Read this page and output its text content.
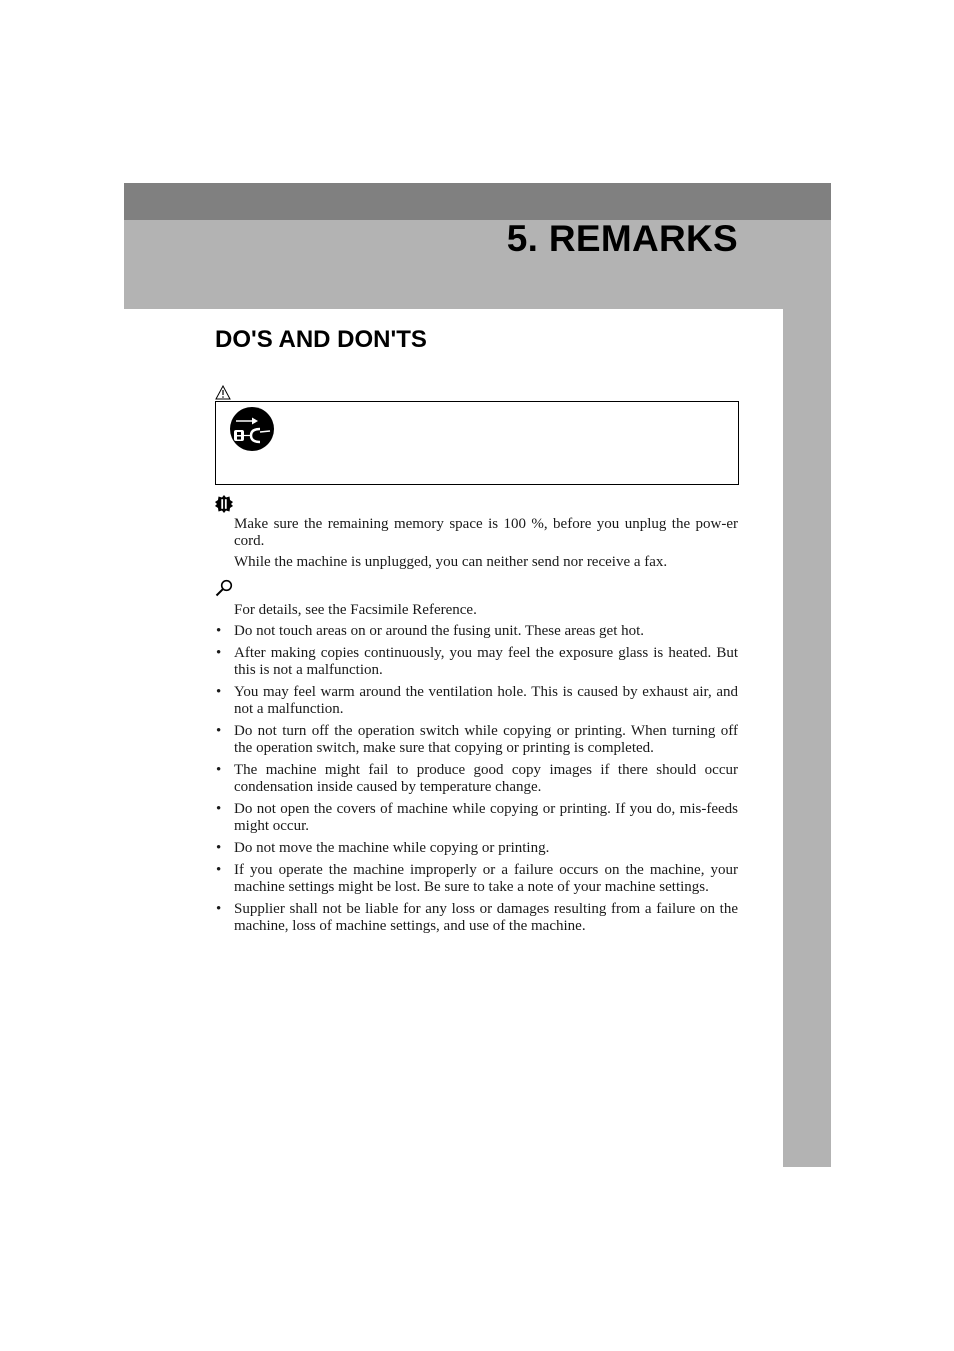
5. REMARKS
DO'S AND DON'TS

Make sure the remaining memory space is 100 %, before you unplug the pow-er cord.

While the machine is unplugged, you can neither send nor receive a fax.

For details, see the Facsimile Reference.

• Do not touch areas on or around the fusing unit. These areas get hot.
• After making copies continuously, you may feel the exposure glass is heated. But this is not a malfunction.
• You may feel warm around the ventilation hole. This is caused by exhaust air, and not a malfunction.
• Do not turn off the operation switch while copying or printing. When turning off the operation switch, make sure that copying or printing is completed.
• The machine might fail to produce good copy images if there should occur condensation inside caused by temperature change.
• Do not open the covers of machine while copying or printing. If you do, mis-feeds might occur.
• Do not move the machine while copying or printing.
• If you operate the machine improperly or a failure occurs on the machine, your machine settings might be lost. Be sure to take a note of your machine settings.
• Supplier shall not be liable for any loss or damages resulting from a failure on the machine, loss of machine settings, and use of the machine.
